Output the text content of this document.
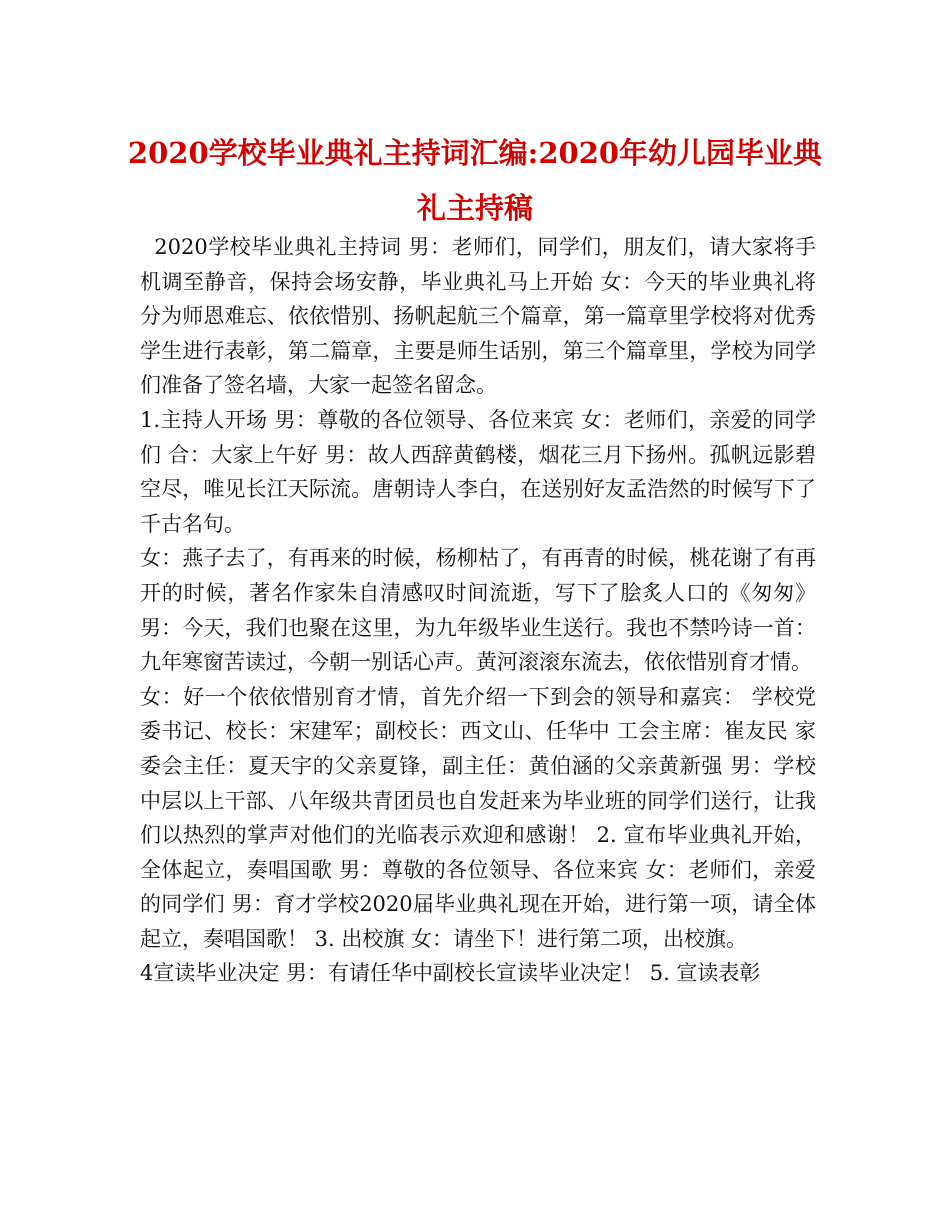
2020学校毕业典礼主持词汇编:2020年幼儿园毕业典礼主持稿

2020学校毕业典礼主持词 男：老师们，同学们，朋友们，请大家将手机调至静音，保持会场安静，毕业典礼马上开始 女：今天的毕业典礼将分为师恩难忘、依依惜别、扬帆起航三个篇章，第一篇章里学校将对优秀学生进行表彰，第二篇章，主要是师生话别，第三个篇章里，学校为同学们准备了签名墙，大家一起签名留念。

1.主持人开场 男：尊敬的各位领导、各位来宾 女：老师们，亲爱的同学们 合：大家上午好 男：故人西辞黄鹤楼，烟花三月下扬州。孤帆远影碧空尽，唯见长江天际流。唐朝诗人李白，在送别好友孟浩然的时候写下了千古名句。

女：燕子去了，有再来的时候，杨柳枯了，有再青的时候，桃花谢了有再开的时候，著名作家朱自清感叹时间流逝，写下了脍炙人口的《匆匆》 男：今天，我们也聚在这里，为九年级毕业生送行。我也不禁吟诗一首：九年寒窗苦读过，今朝一别话心声。黄河滚滚东流去，依依惜别育才情。

女：好一个依依惜别育才情，首先介绍一下到会的领导和嘉宾： 学校党委书记、校长：宋建军；副校长：西文山、任华中 工会主席：崔友民 家委会主任：夏天宇的父亲夏锋，副主任：黄伯涵的父亲黄新强 男：学校中层以上干部、八年级共青团员也自发赶来为毕业班的同学们送行，让我们以热烈的掌声对他们的光临表示欢迎和感谢！ 2. 宣布毕业典礼开始，全体起立，奏唱国歌 男：尊敬的各位领导、各位来宾 女：老师们，亲爱的同学们 男：育才学校2020届毕业典礼现在开始，进行第一项，请全体起立，奏唱国歌！ 3. 出校旗 女：请坐下！进行第二项，出校旗。

4宣读毕业决定 男：有请任华中副校长宣读毕业决定！ 5. 宣读表彰
